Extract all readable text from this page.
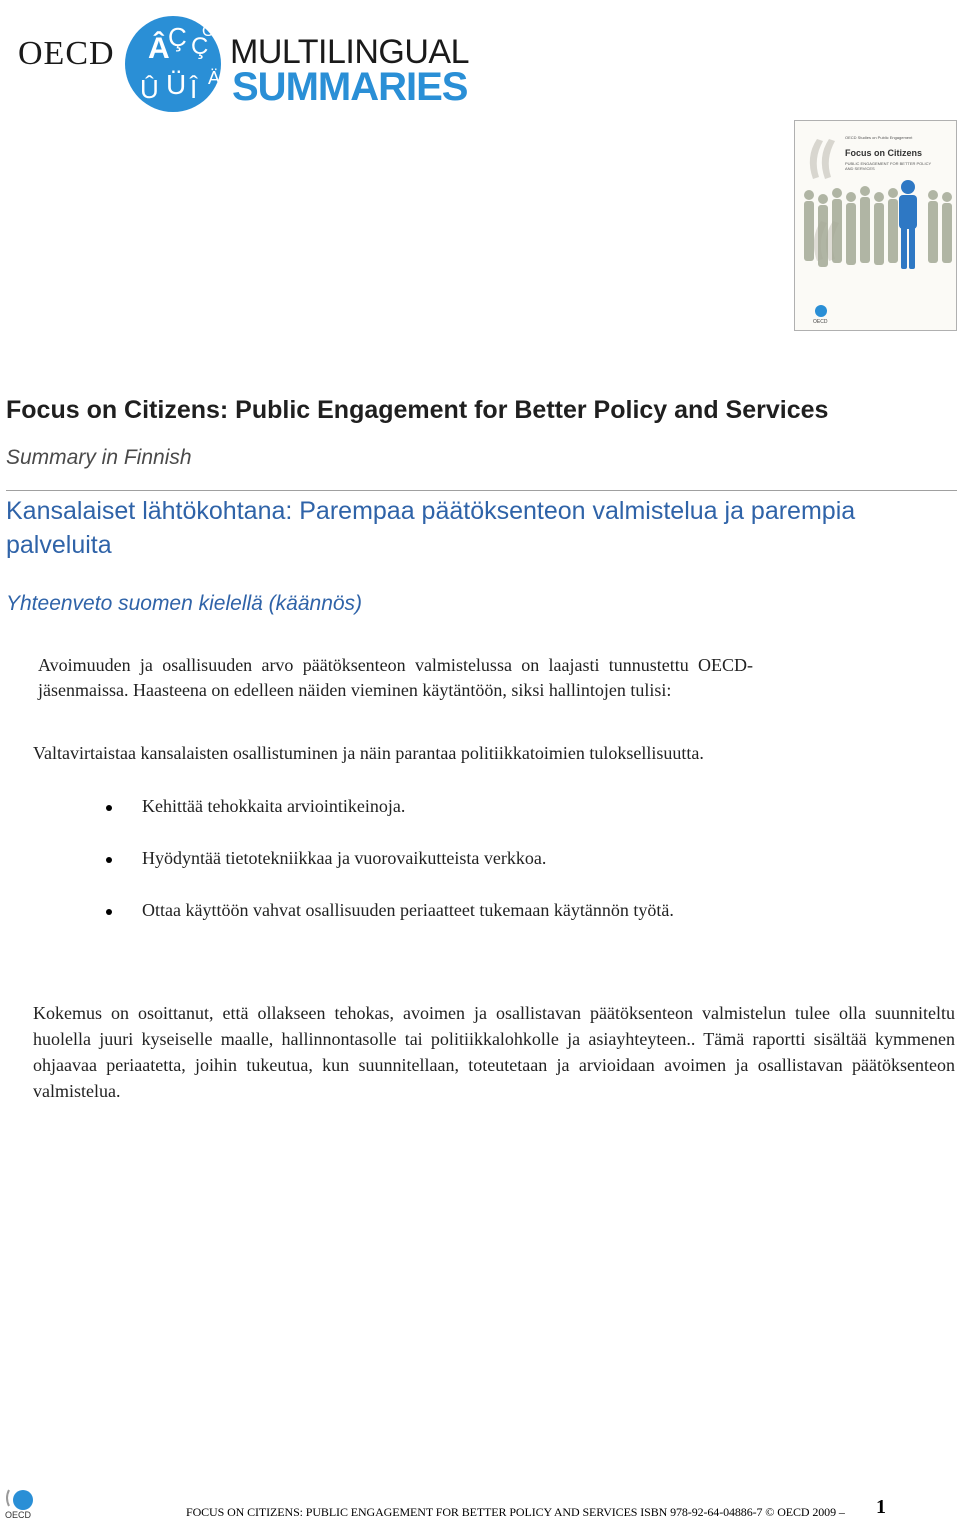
OECD Â
Ç Ç
Û Ü Î Ä
Ö
MULTILINGUAL
SUMMARIES
OECD Studies on Public Engagement
Focus on Citizens
PUBLIC ENGAGEMENT FOR BETTER POLICY AND SERVICES
OECD
Focus on Citizens: Public Engagement for Better Policy and Services
Summary in Finnish
Kansalaiset lähtökohtana: Parempaa päätöksenteon valmistelua ja parempia palveluita
Yhteenveto suomen kielellä (käännös)
Avoimuuden ja osallisuuden arvo päätöksenteon valmistelussa on laajasti tunnustettu OECD-jäsenmaissa. Haasteena on edelleen näiden vieminen käytäntöön, siksi hallintojen tulisi:
Valtavirtaistaa kansalaisten osallistuminen ja näin parantaa politiikkatoimien tuloksellisuutta.
Kehittää tehokkaita arviointikeinoja.
Hyödyntää tietotekniikkaa ja vuorovaikutteista verkkoa.
Ottaa käyttöön vahvat osallisuuden periaatteet tukemaan käytännön työtä.
Kokemus on osoittanut, että ollakseen tehokas, avoimen ja osallistavan päätöksenteon valmistelun tulee olla suunniteltu huolella juuri kyseiselle maalle, hallinnontasolle tai politiikkalohkolle ja asiayhteyteen.. Tämä raportti sisältää kymmenen ohjaavaa periaatetta, joihin tukeutua, kun suunnitellaan, toteutetaan ja arvioidaan avoimen ja osallistavan päätöksenteon valmistelua.
OECD	FOCUS ON CITIZENS: PUBLIC ENGAGEMENT FOR BETTER POLICY AND SERVICES ISBN 978-92-64-04886-7 © OECD 2009 – 1
